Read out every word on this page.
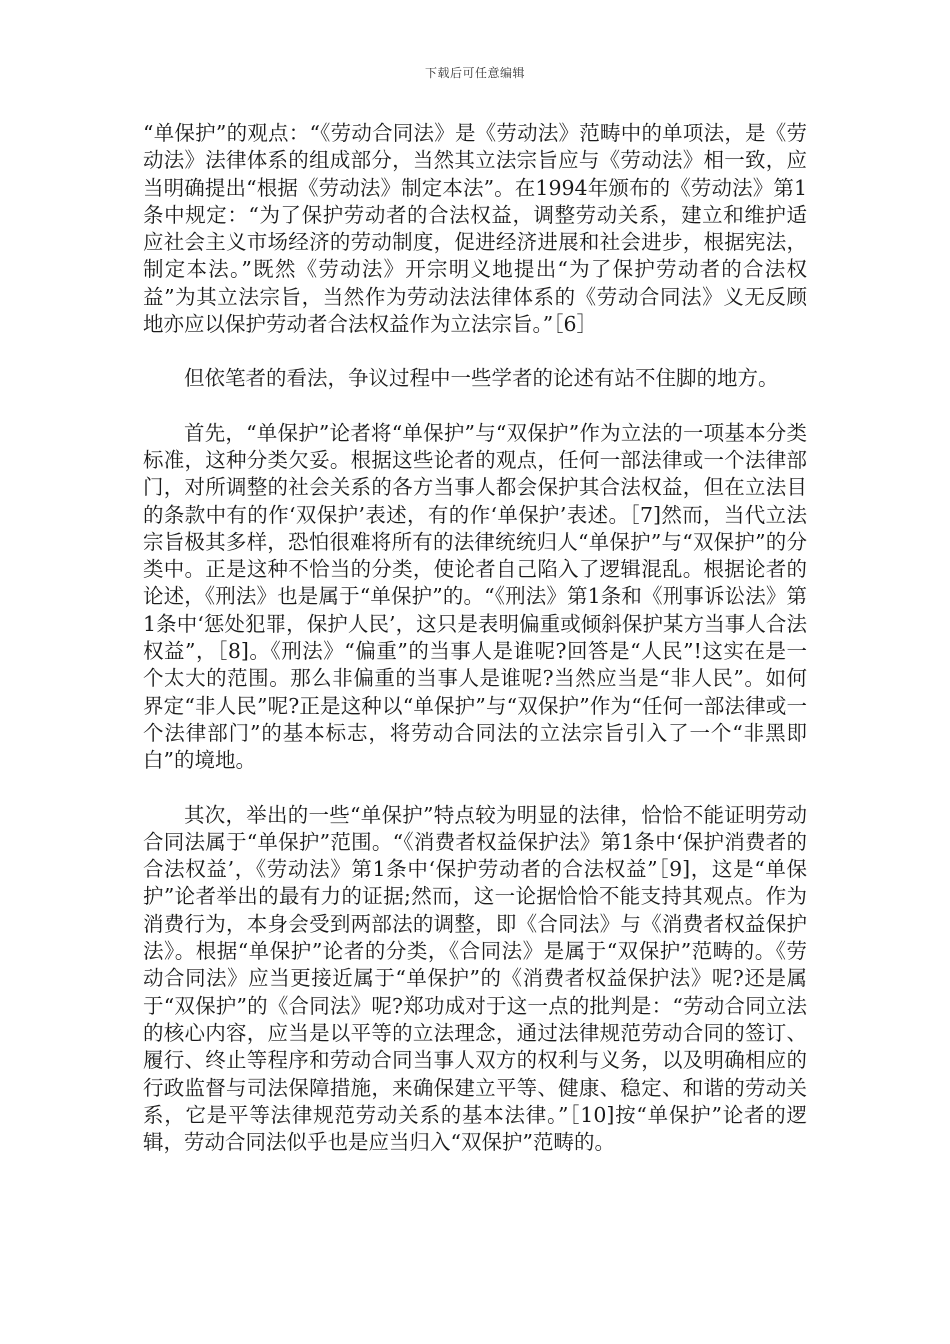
下载后可任意编辑

“单保护”的观点：“《劳动合同法》是《劳动法》范畴中的单项法，是《劳动法》法律体系的组成部分，当然其立法宗旨应与《劳动法》相一致，应当明确提出“根据《劳动法》制定本法”。在1994年颁布的《劳动法》第1条中规定：“为了保护劳动者的合法权益，调整劳动关系，建立和维护适应社会主义市场经济的劳动制度，促进经济进展和社会进步，根据宪法，制定本法。”既然《劳动法》开宗明义地提出“为了保护劳动者的合法权益”为其立法宗旨，当然作为劳动法法律体系的《劳动合同法》义无反顾地亦应以保护劳动者合法权益作为立法宗旨。”［6］

但依笔者的看法，争议过程中一些学者的论述有站不住脚的地方。

首先，“单保护”论者将“单保护”与“双保护”作为立法的一项基本分类标准，这种分类欠妥。根据这些论者的观点，任何一部法律或一个法律部门，对所调整的社会关系的各方当事人都会保护其合法权益，但在立法目的条款中有的作‘双保护’表述，有的作‘单保护’表述。［7]然而，当代立法宗旨极其多样，恐怕很难将所有的法律统统归人“单保护”与“双保护”的分类中。正是这种不恰当的分类，使论者自己陷入了逻辑混乱。根据论者的论述，《刑法》也是属于“单保护”的。“《刑法》第1条和《刑事诉讼法》第1条中‘惩处犯罪，保护人民’，这只是表明偏重或倾斜保护某方当事人合法权益”，［8]。《刑法》“偏重”的当事人是谁呢?回答是“人民”!这实在是一个太大的范围。那么非偏重的当事人是谁呢?当然应当是“非人民”。如何界定“非人民”呢?正是这种以“单保护”与“双保护”作为“任何一部法律或一个法律部门”的基本标志，将劳动合同法的立法宗旨引入了一个“非黑即白”的境地。

其次，举出的一些“单保护”特点较为明显的法律，恰恰不能证明劳动合同法属于“单保护”范围。“《消费者权益保护法》第1条中‘保护消费者的合法权益’，《劳动法》第1条中‘保护劳动者的合法权益”［9]，这是“单保护”论者举出的最有力的证据;然而，这一论据恰恰不能支持其观点。作为消费行为，本身会受到两部法的调整，即《合同法》与《消费者权益保护法》。根据“单保护”论者的分类，《合同法》是属于“双保护”范畴的。《劳动合同法》应当更接近属于“单保护”的《消费者权益保护法》呢?还是属于“双保护”的《合同法》呢?郑功成对于这一点的批判是：“劳动合同立法的核心内容，应当是以平等的立法理念，通过法律规范劳动合同的签订、履行、终止等程序和劳动合同当事人双方的权利与义务，以及明确相应的行政监督与司法保障措施，来确保建立平等、健康、稳定、和谐的劳动关系，它是平等法律规范劳动关系的基本法律。”［10]按“单保护”论者的逻辑，劳动合同法似乎也是应当归入“双保护”范畴的。
